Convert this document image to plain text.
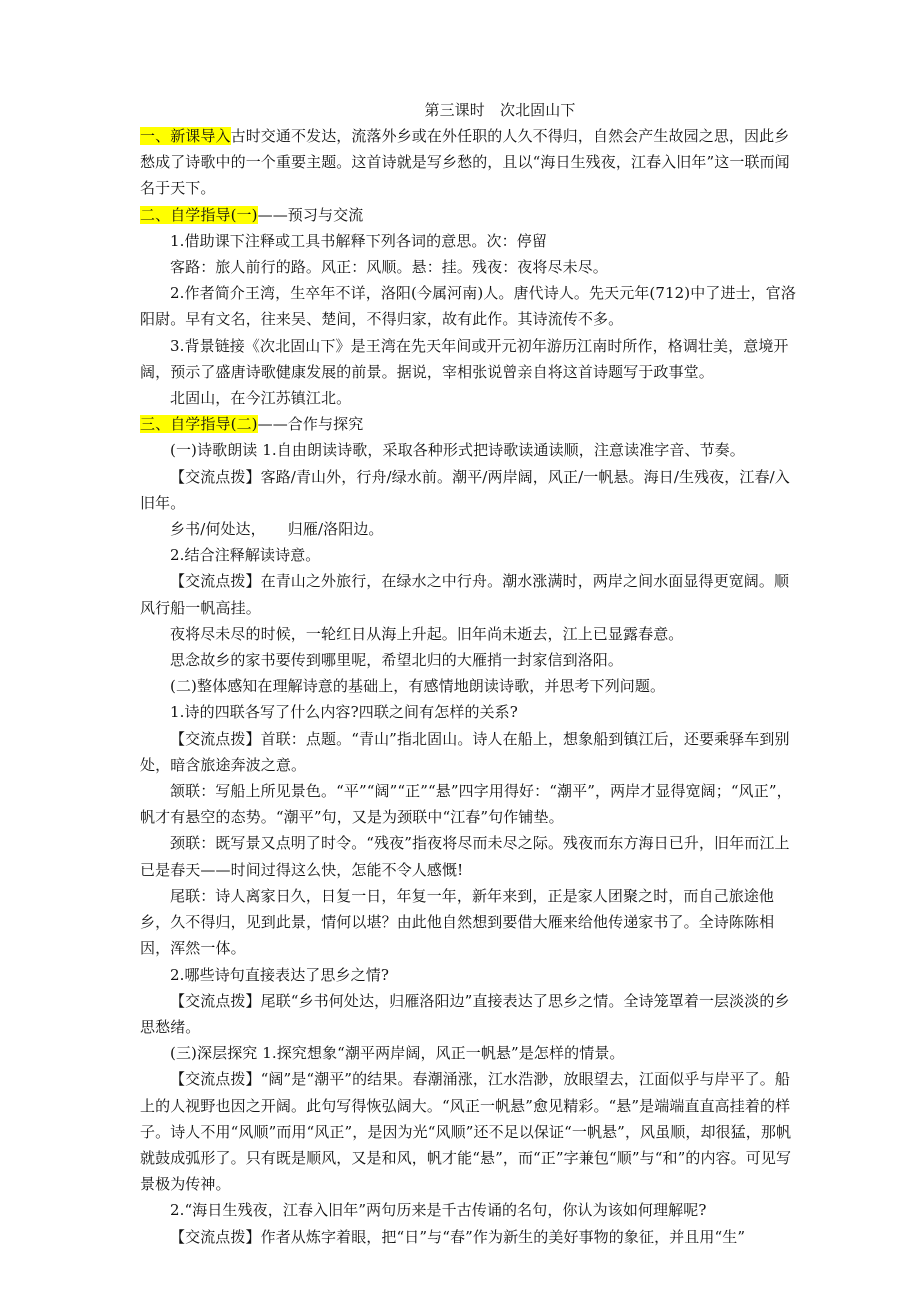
第三课时　次北固山下

一、新课导入古时交通不发达，流落外乡或在外任职的人久不得归，自然会产生故园之思，因此乡愁成了诗歌中的一个重要主题。这首诗就是写乡愁的，且以“海日生残夜，江春入旧年”这一联而闻名于天下。

二、自学指导(一)——预习与交流

1.借助课下注释或工具书解释下列各词的意思。次：停留

客路：旅人前行的路。风正：风顺。悬：挂。残夜：夜将尽未尽。

2.作者简介王湾，生卒年不详，洛阳(今属河南)人。唐代诗人。先天元年(712)中了进士，官洛阳尉。早有文名，往来吴、楚间，不得归家，故有此作。其诗流传不多。

3.背景链接《次北固山下》是王湾在先天年间或开元初年游历江南时所作，格调壮美，意境开阔，预示了盛唐诗歌健康发展的前景。据说，宰相张说曾亲自将这首诗题写于政事堂。

北固山，在今江苏镇江北。

三、自学指导(二)——合作与探究

(一)诗歌朗读 1.自由朗读诗歌，采取各种形式把诗歌读通读顺，注意读准字音、节奏。

【交流点拨】客路/青山外，行舟/绿水前。潮平/两岸阔，风正/一帆悬。海日/生残夜，江春/入旧年。

乡书/何处达， 归雁/洛阳边。

2.结合注释解读诗意。

【交流点拨】在青山之外旅行，在绿水之中行舟。潮水涨满时，两岸之间水面显得更宽阔。顺风行船一帆高挂。

夜将尽未尽的时候，一轮红日从海上升起。旧年尚未逝去，江上已显露春意。

思念故乡的家书要传到哪里呢，希望北归的大雁捎一封家信到洛阳。

(二)整体感知在理解诗意的基础上，有感情地朗读诗歌，并思考下列问题。

1.诗的四联各写了什么内容?四联之间有怎样的关系?

【交流点拨】首联：点题。“青山”指北固山。诗人在船上，想象船到镇江后，还要乘驿车到别处，暗含旅途奔波之意。

颔联：写船上所见景色。“平”“阔”“正”“悬”四字用得好：“潮平”，两岸才显得宽阔；“风正”，帆才有悬空的态势。“潮平”句，又是为颈联中“江春”句作铺垫。

颈联：既写景又点明了时令。“残夜”指夜将尽而未尽之际。残夜而东方海日已升，旧年而江上已是春天——时间过得这么快，怎能不令人感慨!

尾联：诗人离家日久，日复一日，年复一年，新年来到，正是家人团聚之时，而自己旅途他乡，久不得归，见到此景，情何以堪？由此他自然想到要借大雁来给他传递家书了。全诗陈陈相因，浑然一体。

2.哪些诗句直接表达了思乡之情?

【交流点拨】尾联“乡书何处达，归雁洛阳边”直接表达了思乡之情。全诗笼罩着一层淡淡的乡思愁绪。

(三)深层探究 1.探究想象“潮平两岸阔，风正一帆悬”是怎样的情景。

【交流点拨】“阔”是“潮平”的结果。春潮涌涨，江水浩渺，放眼望去，江面似乎与岸平了。船上的人视野也因之开阔。此句写得恢弘阔大。“风正一帆悬”愈见精彩。“悬”是端端直直高挂着的样子。诗人不用“风顺”而用“风正”，是因为光“风顺”还不足以保证“一帆悬”，风虽顺，却很猛，那帆就鼓成弧形了。只有既是顺风，又是和风，帆才能“悬”，而“正”字兼包“顺”与“和”的内容。可见写景极为传神。

2.“海日生残夜，江春入旧年”两句历来是千古传诵的名句，你认为该如何理解呢?

【交流点拨】作者从炼字着眼，把“日”与“春”作为新生的美好事物的象征，并且用“生”
